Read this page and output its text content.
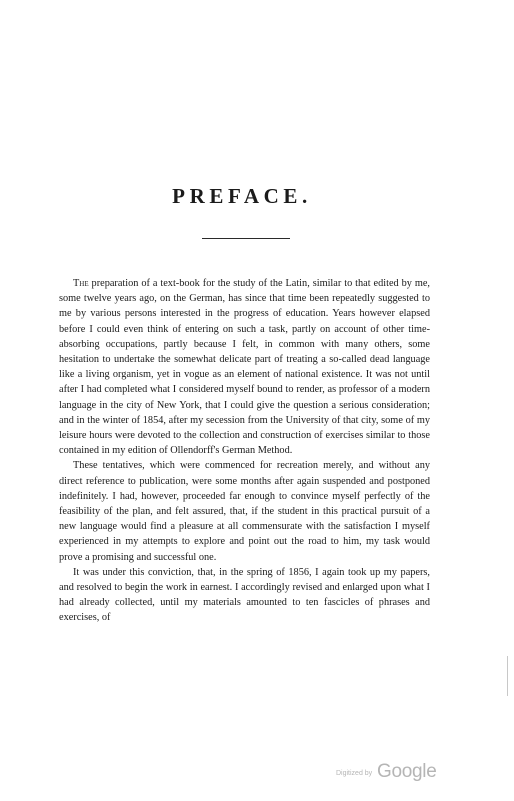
PREFACE.

The preparation of a text-book for the study of the Latin, similar to that edited by me, some twelve years ago, on the German, has since that time been repeatedly suggested to me by various persons interested in the progress of education. Years however elapsed before I could even think of entering on such a task, partly on account of other time-absorbing occupations, partly because I felt, in common with many others, some hesitation to undertake the somewhat delicate part of treating a so-called dead language like a living organism, yet in vogue as an element of national existence. It was not until after I had completed what I considered myself bound to render, as professor of a modern language in the city of New York, that I could give the question a serious consideration; and in the winter of 1854, after my secession from the University of that city, some of my leisure hours were devoted to the collection and construction of exercises similar to those contained in my edition of Ollendorff's German Method.

These tentatives, which were commenced for recreation merely, and without any direct reference to publication, were some months after again suspended and postponed indefinitely. I had, however, proceeded far enough to convince myself perfectly of the feasibility of the plan, and felt assured, that, if the student in this practical pursuit of a new language would find a pleasure at all commensurate with the satisfaction I myself experienced in my attempts to explore and point out the road to him, my task would prove a promising and successful one.

It was under this conviction, that, in the spring of 1856, I again took up my papers, and resolved to begin the work in earnest. I accordingly revised and enlarged upon what I had already collected, until my materials amounted to ten fascicles of phrases and exercises, of

Digitized by Google
